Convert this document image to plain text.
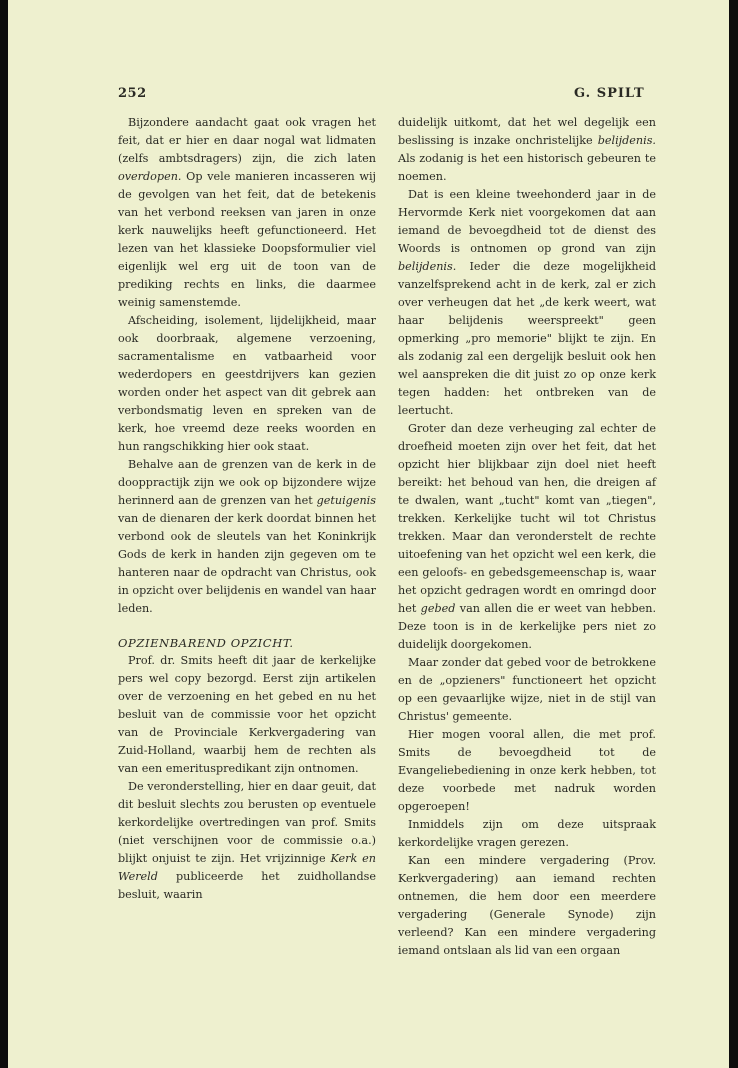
252	G. SPILT

Bijzondere aandacht gaat ook vragen het feit, dat er hier en daar nogal wat lidmaten (zelfs ambtsdragers) zijn, die zich laten overdopen. Op vele manieren incasseren wij de gevolgen van het feit, dat de betekenis van het verbond reeksen van jaren in onze kerk nauwelijks heeft gefunctioneerd. Het lezen van het klassieke Doopsformulier viel eigenlijk wel erg uit de toon van de prediking rechts en links, die daarmee weinig samenstemde.

Afscheiding, isolement, lijdelijkheid, maar ook doorbraak, algemene verzoening, sacramentalisme en vatbaarheid voor wederdopers en geestdrijvers kan gezien worden onder het aspect van dit gebrek aan verbondsmatig leven en spreken van de kerk, hoe vreemd deze reeks woorden en hun rangschikking hier ook staat.

Behalve aan de grenzen van de kerk in de dooppractijk zijn we ook op bijzondere wijze herinnerd aan de grenzen van het getuigenis van de dienaren der kerk doordat binnen het verbond ook de sleutels van het Koninkrijk Gods de kerk in handen zijn gegeven om te hanteren naar de opdracht van Christus, ook in opzicht over belijdenis en wandel van haar leden.

OPZIENBAREND OPZICHT.

Prof. dr. Smits heeft dit jaar de kerkelijke pers wel copy bezorgd. Eerst zijn artikelen over de verzoening en het gebed en nu het besluit van de commissie voor het opzicht van de Provinciale Kerkvergadering van Zuid-Holland, waarbij hem de rechten als van een emerituspredikant zijn ontnomen.

De veronderstelling, hier en daar geuit, dat dit besluit slechts zou berusten op eventuele kerkordelijke overtredingen van prof. Smits (niet verschijnen voor de commissie o.a.) blijkt onjuist te zijn. Het vrijzinnige Kerk en Wereld publiceerde het zuidhollandse besluit, waarin

duidelijk uitkomt, dat het wel degelijk een beslissing is inzake onchristelijke belijdenis. Als zodanig is het een historisch gebeuren te noemen.

Dat is een kleine tweehonderd jaar in de Hervormde Kerk niet voorgekomen dat aan iemand de bevoegdheid tot de dienst des Woords is ontnomen op grond van zijn belijdenis. Ieder die deze mogelijkheid vanzelfsprekend acht in de kerk, zal er zich over verheugen dat het „de kerk weert, wat haar belijdenis weerspreekt" geen opmerking „pro memorie" blijkt te zijn. En als zodanig zal een dergelijk besluit ook hen wel aanspreken die dit juist zo op onze kerk tegen hadden: het ontbreken van de leertucht.

Groter dan deze verheuging zal echter de droefheid moeten zijn over het feit, dat het opzicht hier blijkbaar zijn doel niet heeft bereikt: het behoud van hen, die dreigen af te dwalen, want „tucht" komt van „tiegen", trekken. Kerkelijke tucht wil tot Christus trekken. Maar dan veronderstelt de rechte uitoefening van het opzicht wel een kerk, die een geloofs- en gebedsgemeenschap is, waar het opzicht gedragen wordt en omringd door het gebed van allen die er weet van hebben. Deze toon is in de kerkelijke pers niet zo duidelijk doorgekomen.

Maar zonder dat gebed voor de betrokkene en de „opzieners" functioneert het opzicht op een gevaarlijke wijze, niet in de stijl van Christus' gemeente.

Hier mogen vooral allen, die met prof. Smits de bevoegdheid tot de Evangeliebediening in onze kerk hebben, tot deze voorbede met nadruk worden opgeroepen!

Inmiddels zijn om deze uitspraak kerkordelijke vragen gerezen.

Kan een mindere vergadering (Prov. Kerkvergadering) aan iemand rechten ontnemen, die hem door een meerdere vergadering (Generale Synode) zijn verleend? Kan een mindere vergadering iemand ontslaan als lid van een orgaan
